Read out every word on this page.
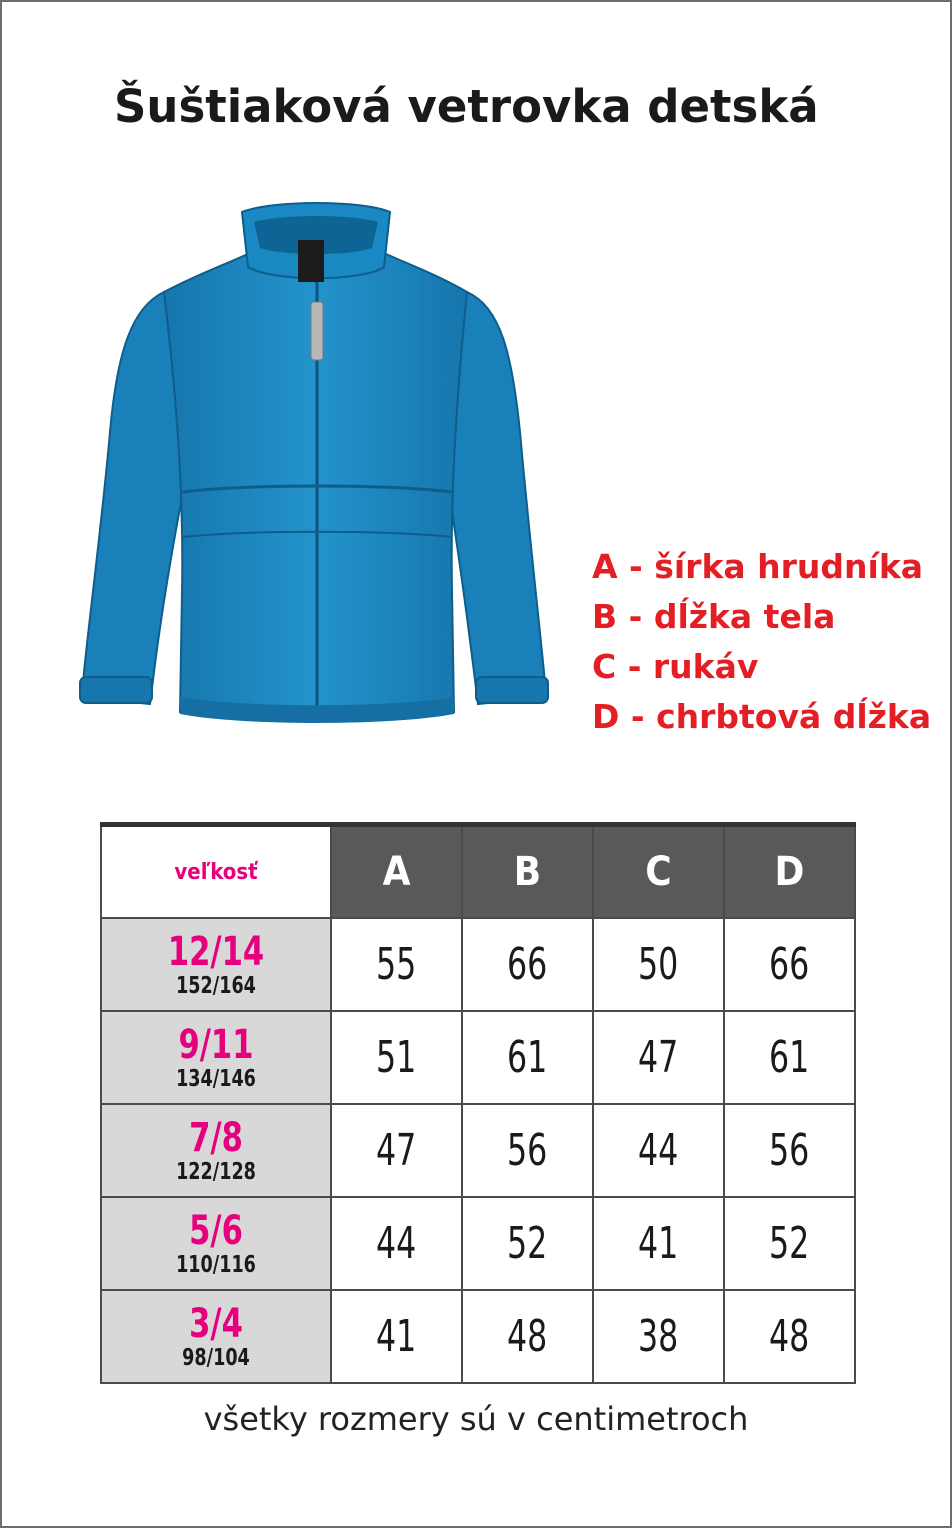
Šuštiaková vetrovka detská
A - šírka hrudníka
B - dĺžka tela
C - rukáv
D - chrbtová dĺžka
veľkosť	A	B	C	D

12/14
152/164	55	66	50	66

9/11
134/146	51	61	47	61

7/8
122/128	47	56	44	56

5/6
110/116	44	52	41	52

3/4
98/104	41	48	38	48
všetky rozmery sú v centimetroch
